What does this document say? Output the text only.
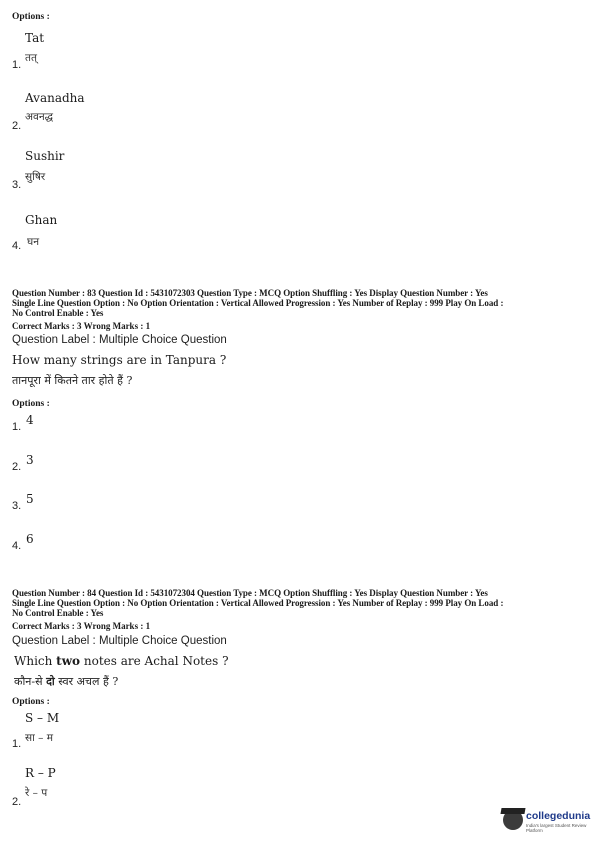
Options :
Tat
तत्
1.
Avanadha
अवनद्ध
2.
Sushir
सुषिर
3.
Ghan
घन
4.
Question Number : 83 Question Id : 5431072303 Question Type : MCQ Option Shuffling : Yes Display Question Number : Yes
Single Line Question Option : No Option Orientation : Vertical Allowed Progression : Yes Number of Replay : 999 Play On Load :
No Control Enable : Yes
Correct Marks : 3 Wrong Marks : 1
Question Label : Multiple Choice Question
How many strings are in Tanpura ?
तानपूरा में कितने तार होते हैं ?
Options :
1. 4
2. 3
3. 5
4. 6
Question Number : 84 Question Id : 5431072304 Question Type : MCQ Option Shuffling : Yes Display Question Number : Yes
Single Line Question Option : No Option Orientation : Vertical Allowed Progression : Yes Number of Replay : 999 Play On Load :
No Control Enable : Yes
Correct Marks : 3 Wrong Marks : 1
Question Label : Multiple Choice Question
Which two notes are Achal Notes ?
कौन-से दो स्वर अचल हैं ?
Options :
S – M
सा – म
1.
R – P
रे – प
2.
collegedunia
India's largest Student Review Platform
